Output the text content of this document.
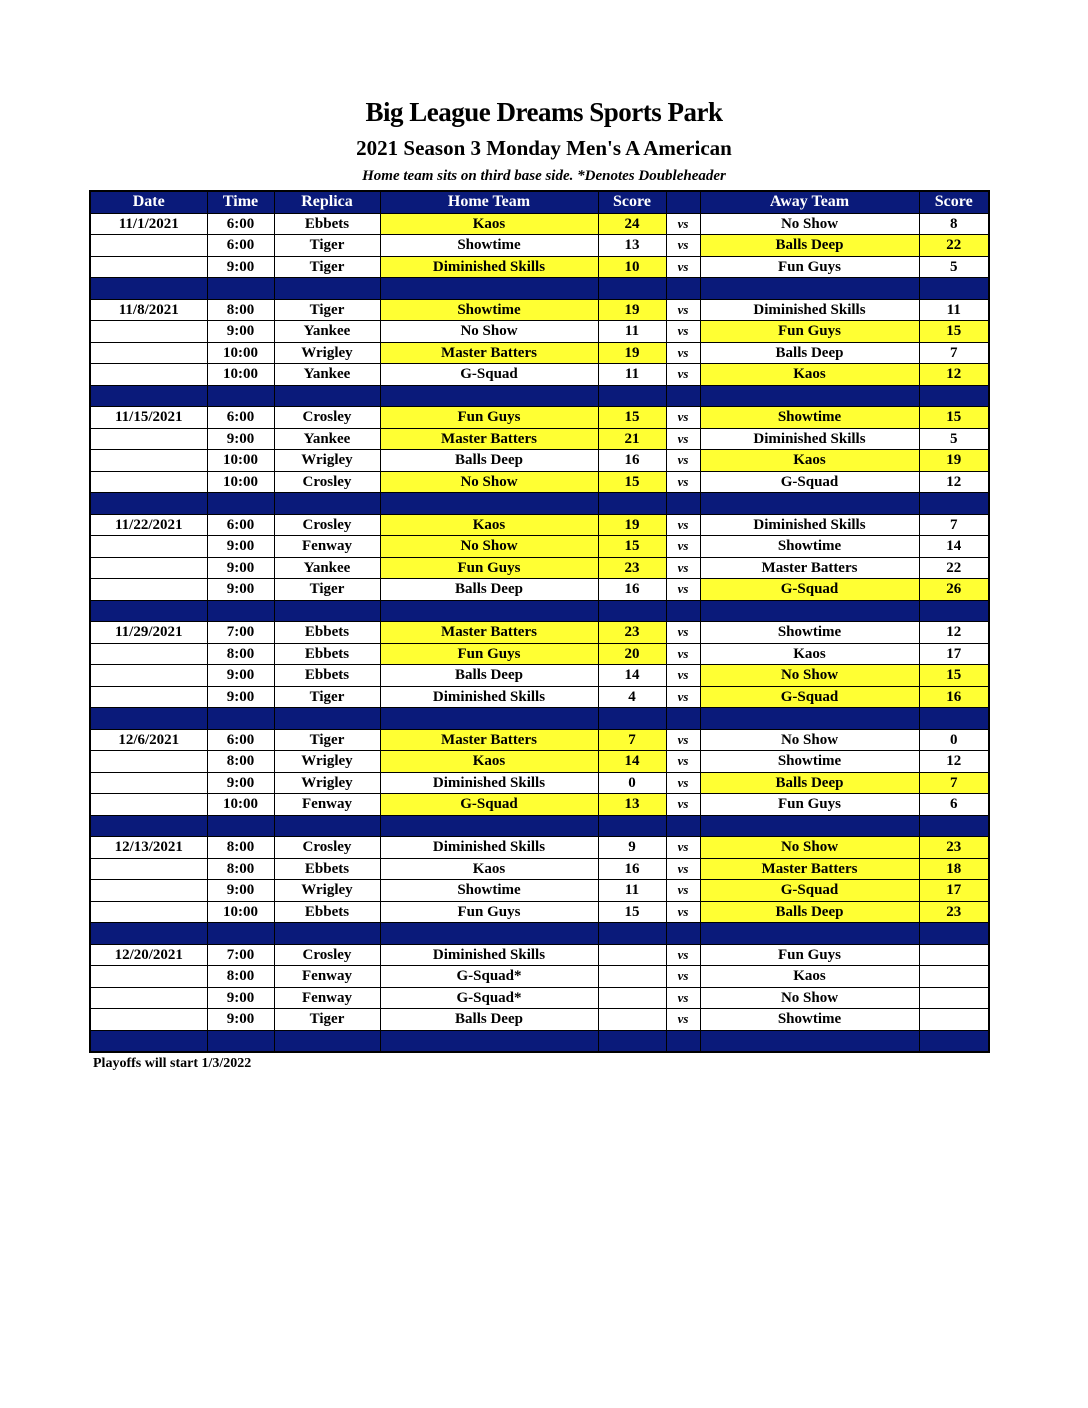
Big League Dreams Sports Park
2021 Season 3 Monday Men's A American
Home team sits on third base side. *Denotes Doubleheader
Date	Time	Replica	Home Team	Score		Away Team	Score
11/1/2021	6:00	Ebbets	Kaos	24	vs	No Show	8
	6:00	Tiger	Showtime	13	vs	Balls Deep	22
	9:00	Tiger	Diminished Skills	10	vs	Fun Guys	5

11/8/2021	8:00	Tiger	Showtime	19	vs	Diminished Skills	11
	9:00	Yankee	No Show	11	vs	Fun Guys	15
	10:00	Wrigley	Master Batters	19	vs	Balls Deep	7
	10:00	Yankee	G-Squad	11	vs	Kaos	12

11/15/2021	6:00	Crosley	Fun Guys	15	vs	Showtime	15
	9:00	Yankee	Master Batters	21	vs	Diminished Skills	5
	10:00	Wrigley	Balls Deep	16	vs	Kaos	19
	10:00	Crosley	No Show	15	vs	G-Squad	12

11/22/2021	6:00	Crosley	Kaos	19	vs	Diminished Skills	7
	9:00	Fenway	No Show	15	vs	Showtime	14
	9:00	Yankee	Fun Guys	23	vs	Master Batters	22
	9:00	Tiger	Balls Deep	16	vs	G-Squad	26

11/29/2021	7:00	Ebbets	Master Batters	23	vs	Showtime	12
	8:00	Ebbets	Fun Guys	20	vs	Kaos	17
	9:00	Ebbets	Balls Deep	14	vs	No Show	15
	9:00	Tiger	Diminished Skills	4	vs	G-Squad	16

12/6/2021	6:00	Tiger	Master Batters	7	vs	No Show	0
	8:00	Wrigley	Kaos	14	vs	Showtime	12
	9:00	Wrigley	Diminished Skills	0	vs	Balls Deep	7
	10:00	Fenway	G-Squad	13	vs	Fun Guys	6

12/13/2021	8:00	Crosley	Diminished Skills	9	vs	No Show	23
	8:00	Ebbets	Kaos	16	vs	Master Batters	18
	9:00	Wrigley	Showtime	11	vs	G-Squad	17
	10:00	Ebbets	Fun Guys	15	vs	Balls Deep	23

12/20/2021	7:00	Crosley	Diminished Skills		vs	Fun Guys	
	8:00	Fenway	G-Squad*		vs	Kaos	
	9:00	Fenway	G-Squad*		vs	No Show	
	9:00	Tiger	Balls Deep		vs	Showtime	

Playoffs will start 1/3/2022
